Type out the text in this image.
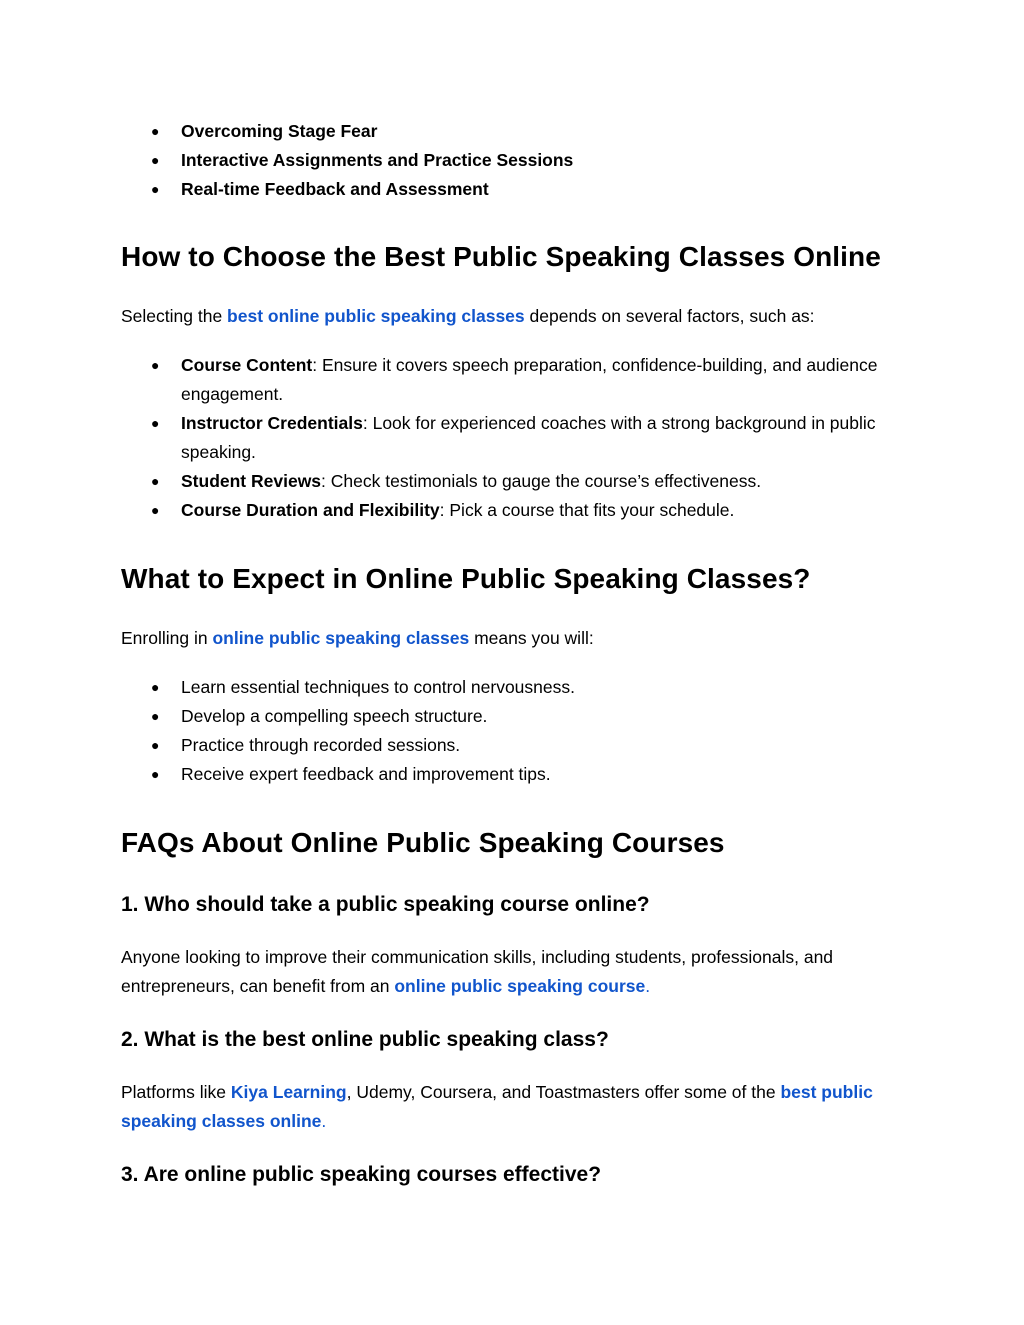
● Overcoming Stage Fear
● Interactive Assignments and Practice Sessions
● Real-time Feedback and Assessment
How to Choose the Best Public Speaking Classes Online

Selecting the best online public speaking classes depends on several factors, such as:

● Course Content: Ensure it covers speech preparation, confidence-building, and audience engagement.
● Instructor Credentials: Look for experienced coaches with a strong background in public speaking.
● Student Reviews: Check testimonials to gauge the course’s effectiveness.
● Course Duration and Flexibility: Pick a course that fits your schedule.
What to Expect in Online Public Speaking Classes?

Enrolling in online public speaking classes means you will:

● Learn essential techniques to control nervousness.
● Develop a compelling speech structure.
● Practice through recorded sessions.
● Receive expert feedback and improvement tips.
FAQs About Online Public Speaking Courses
1. Who should take a public speaking course online?

Anyone looking to improve their communication skills, including students, professionals, and entrepreneurs, can benefit from an online public speaking course.

2. What is the best online public speaking class?

Platforms like Kiya Learning, Udemy, Coursera, and Toastmasters offer some of the best public speaking classes online.

3. Are online public speaking courses effective?
